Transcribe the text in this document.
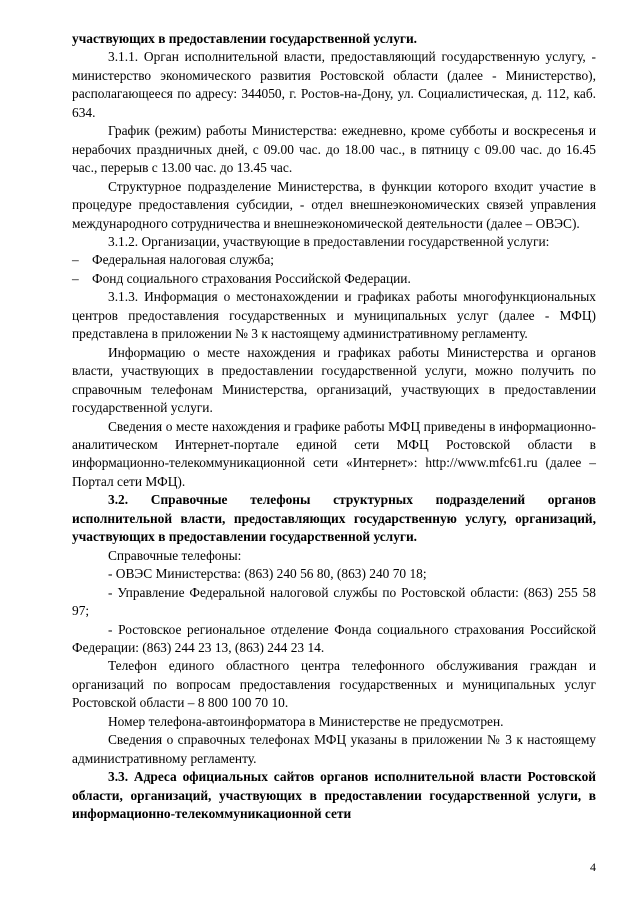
участвующих в предоставлении государственной услуги.

3.1.1. Орган исполнительной власти, предоставляющий государственную услугу, - министерство экономического развития Ростовской области (далее - Министерство), располагающееся по адресу: 344050, г. Ростов-на-Дону, ул. Социалистическая, д. 112, каб. 634.

График (режим) работы Министерства: ежедневно, кроме субботы и воскресенья и нерабочих праздничных дней, с 09.00 час. до 18.00 час., в пятницу с 09.00 час. до 16.45 час., перерыв с 13.00 час. до 13.45 час.

Структурное подразделение Министерства, в функции которого входит участие в процедуре предоставления субсидии, - отдел внешнеэкономических связей управления международного сотрудничества и внешнеэкономической деятельности (далее – ОВЭС).

3.1.2. Организации, участвующие в предоставлении государственной услуги:

– Федеральная налоговая служба;

– Фонд социального страхования Российской Федерации.

3.1.3. Информация о местонахождении и графиках работы многофункциональных центров предоставления государственных и муниципальных услуг (далее - МФЦ) представлена в приложении № 3 к настоящему административному регламенту.

Информацию о месте нахождения и графиках работы Министерства и органов власти, участвующих в предоставлении государственной услуги, можно получить по справочным телефонам Министерства, организаций, участвующих в предоставлении государственной услуги.

Сведения о месте нахождения и графике работы МФЦ приведены в информационно-аналитическом Интернет-портале единой сети МФЦ Ростовской области в информационно-телекоммуникационной сети «Интернет»: http://www.mfc61.ru (далее – Портал сети МФЦ).

3.2. Справочные телефоны структурных подразделений органов исполнительной власти, предоставляющих государственную услугу, организаций, участвующих в предоставлении государственной услуги.

Справочные телефоны:

- ОВЭС Министерства: (863) 240 56 80, (863) 240 70 18;

- Управление Федеральной налоговой службы по Ростовской области: (863) 255 58 97;

- Ростовское региональное отделение Фонда социального страхования Российской Федерации: (863) 244 23 13, (863) 244 23 14.

Телефон единого областного центра телефонного обслуживания граждан и организаций по вопросам предоставления государственных и муниципальных услуг Ростовской области – 8 800 100 70 10.

Номер телефона-автоинформатора в Министерстве не предусмотрен.

Сведения о справочных телефонах МФЦ указаны в приложении № 3 к настоящему административному регламенту.

3.3. Адреса официальных сайтов органов исполнительной власти Ростовской области, организаций, участвующих в предоставлении государственной услуги, в информационно-телекоммуникационной сети

4
